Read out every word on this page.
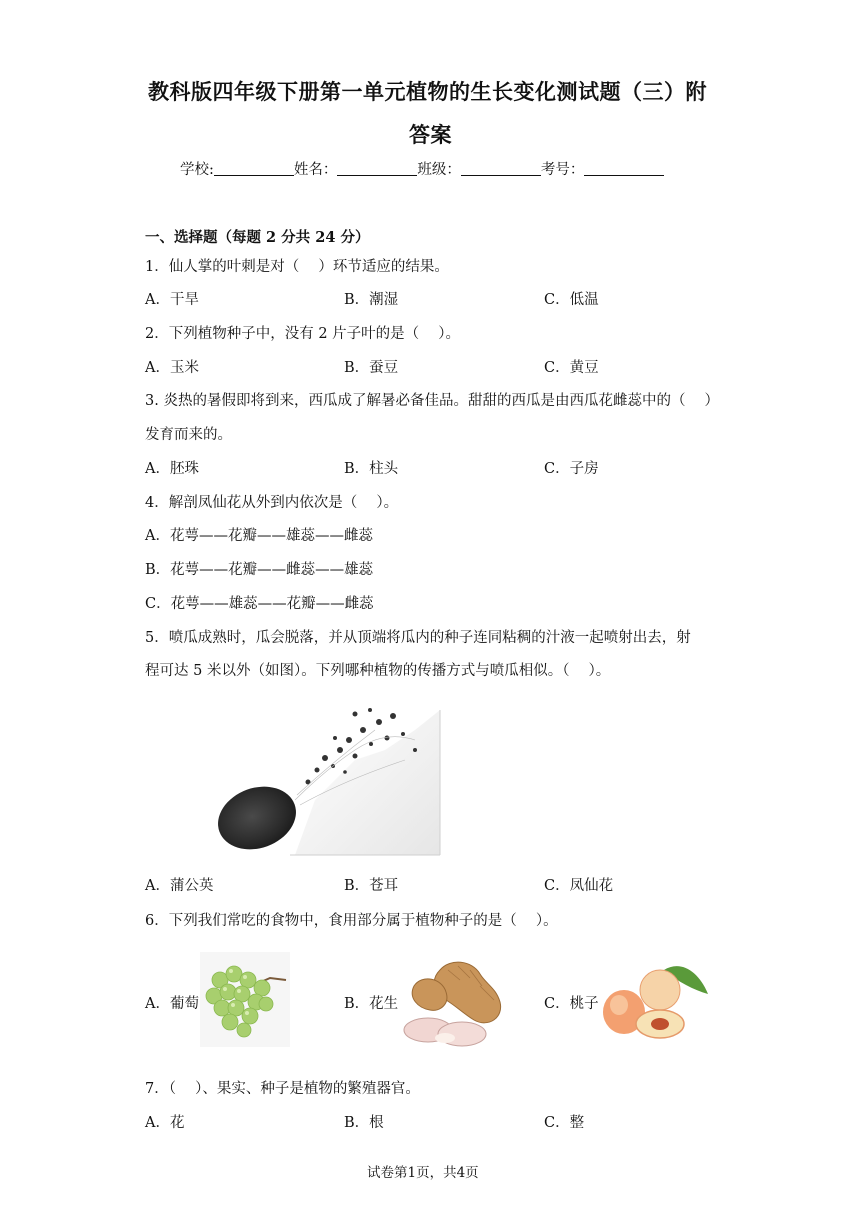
教科版四年级下册第一单元植物的生长变化测试题（三）附
答案
学校:	姓名：	班级：	考号：
一、选择题（每题 2 分共 24 分）
1．仙人掌的叶刺是对（　 ）环节适应的结果。
A．干旱	B．潮湿	C．低温
2．下列植物种子中，没有 2 片子叶的是（　 ）。
A．玉米	B．蚕豆	C．黄豆
3. 炎热的暑假即将到来，西瓜成了解暑必备佳品。甜甜的西瓜是由西瓜花雌蕊中的（　 ）
发育而来的。
A．胚珠	B．柱头	C．子房
4．解剖凤仙花从外到内依次是（　 ）。
A．花萼——花瓣——雄蕊——雌蕊
B．花萼——花瓣——雌蕊——雄蕊
C．花萼——雄蕊——花瓣——雌蕊
5．喷瓜成熟时，瓜会脱落，并从顶端将瓜内的种子连同粘稠的汁液一起喷射出去，射
程可达 5 米以外（如图）。下列哪种植物的传播方式与喷瓜相似。（　 ）。
A．蒲公英	B．苍耳	C．凤仙花
6．下列我们常吃的食物中，食用部分属于植物种子的是（　 ）。
A．葡萄	B．花生	C．桃子
7．（　 ）、果实、种子是植物的繁殖器官。
A．花	B．根	C．整
试卷第1页，共4页
